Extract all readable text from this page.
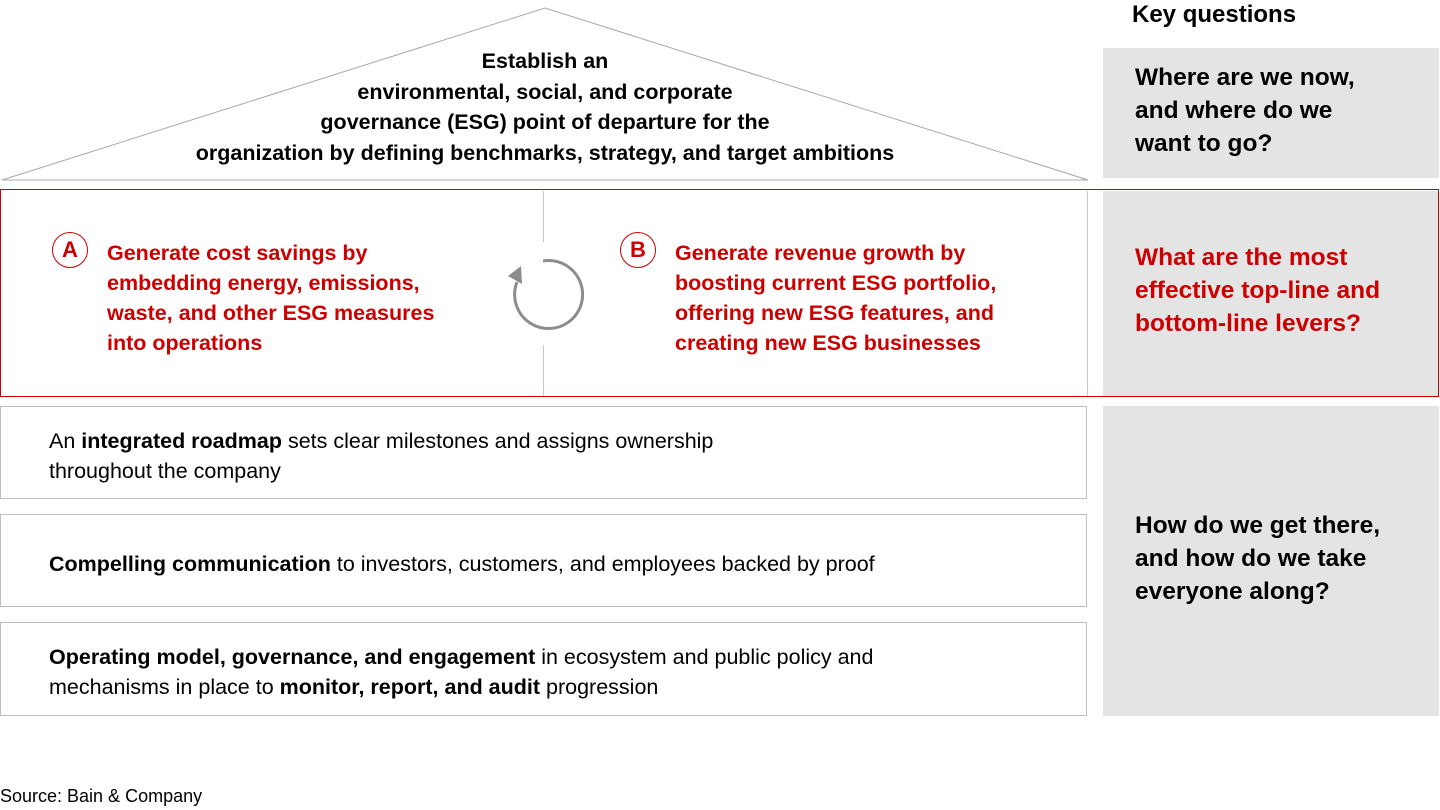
Establish an
environmental, social, and corporate
governance (ESG) point of departure for the
organization by defining benchmarks, strategy, and target ambitions
Key questions
Where are we now,
and where do we
want to go?
What are the most
effective top-line and
bottom-line levers?
A	Generate cost savings by
embedding energy, emissions,
waste, and other ESG measures
into operations
B	Generate revenue growth by
boosting current ESG portfolio,
offering new ESG features, and
creating new ESG businesses
An integrated roadmap sets clear milestones and assigns ownership
throughout the company
Compelling communication to investors, customers, and employees backed by proof
Operating model, governance, and engagement in ecosystem and public policy and
mechanisms in place to monitor, report, and audit progression
How do we get there,
and how do we take
everyone along?
Source: Bain & Company
